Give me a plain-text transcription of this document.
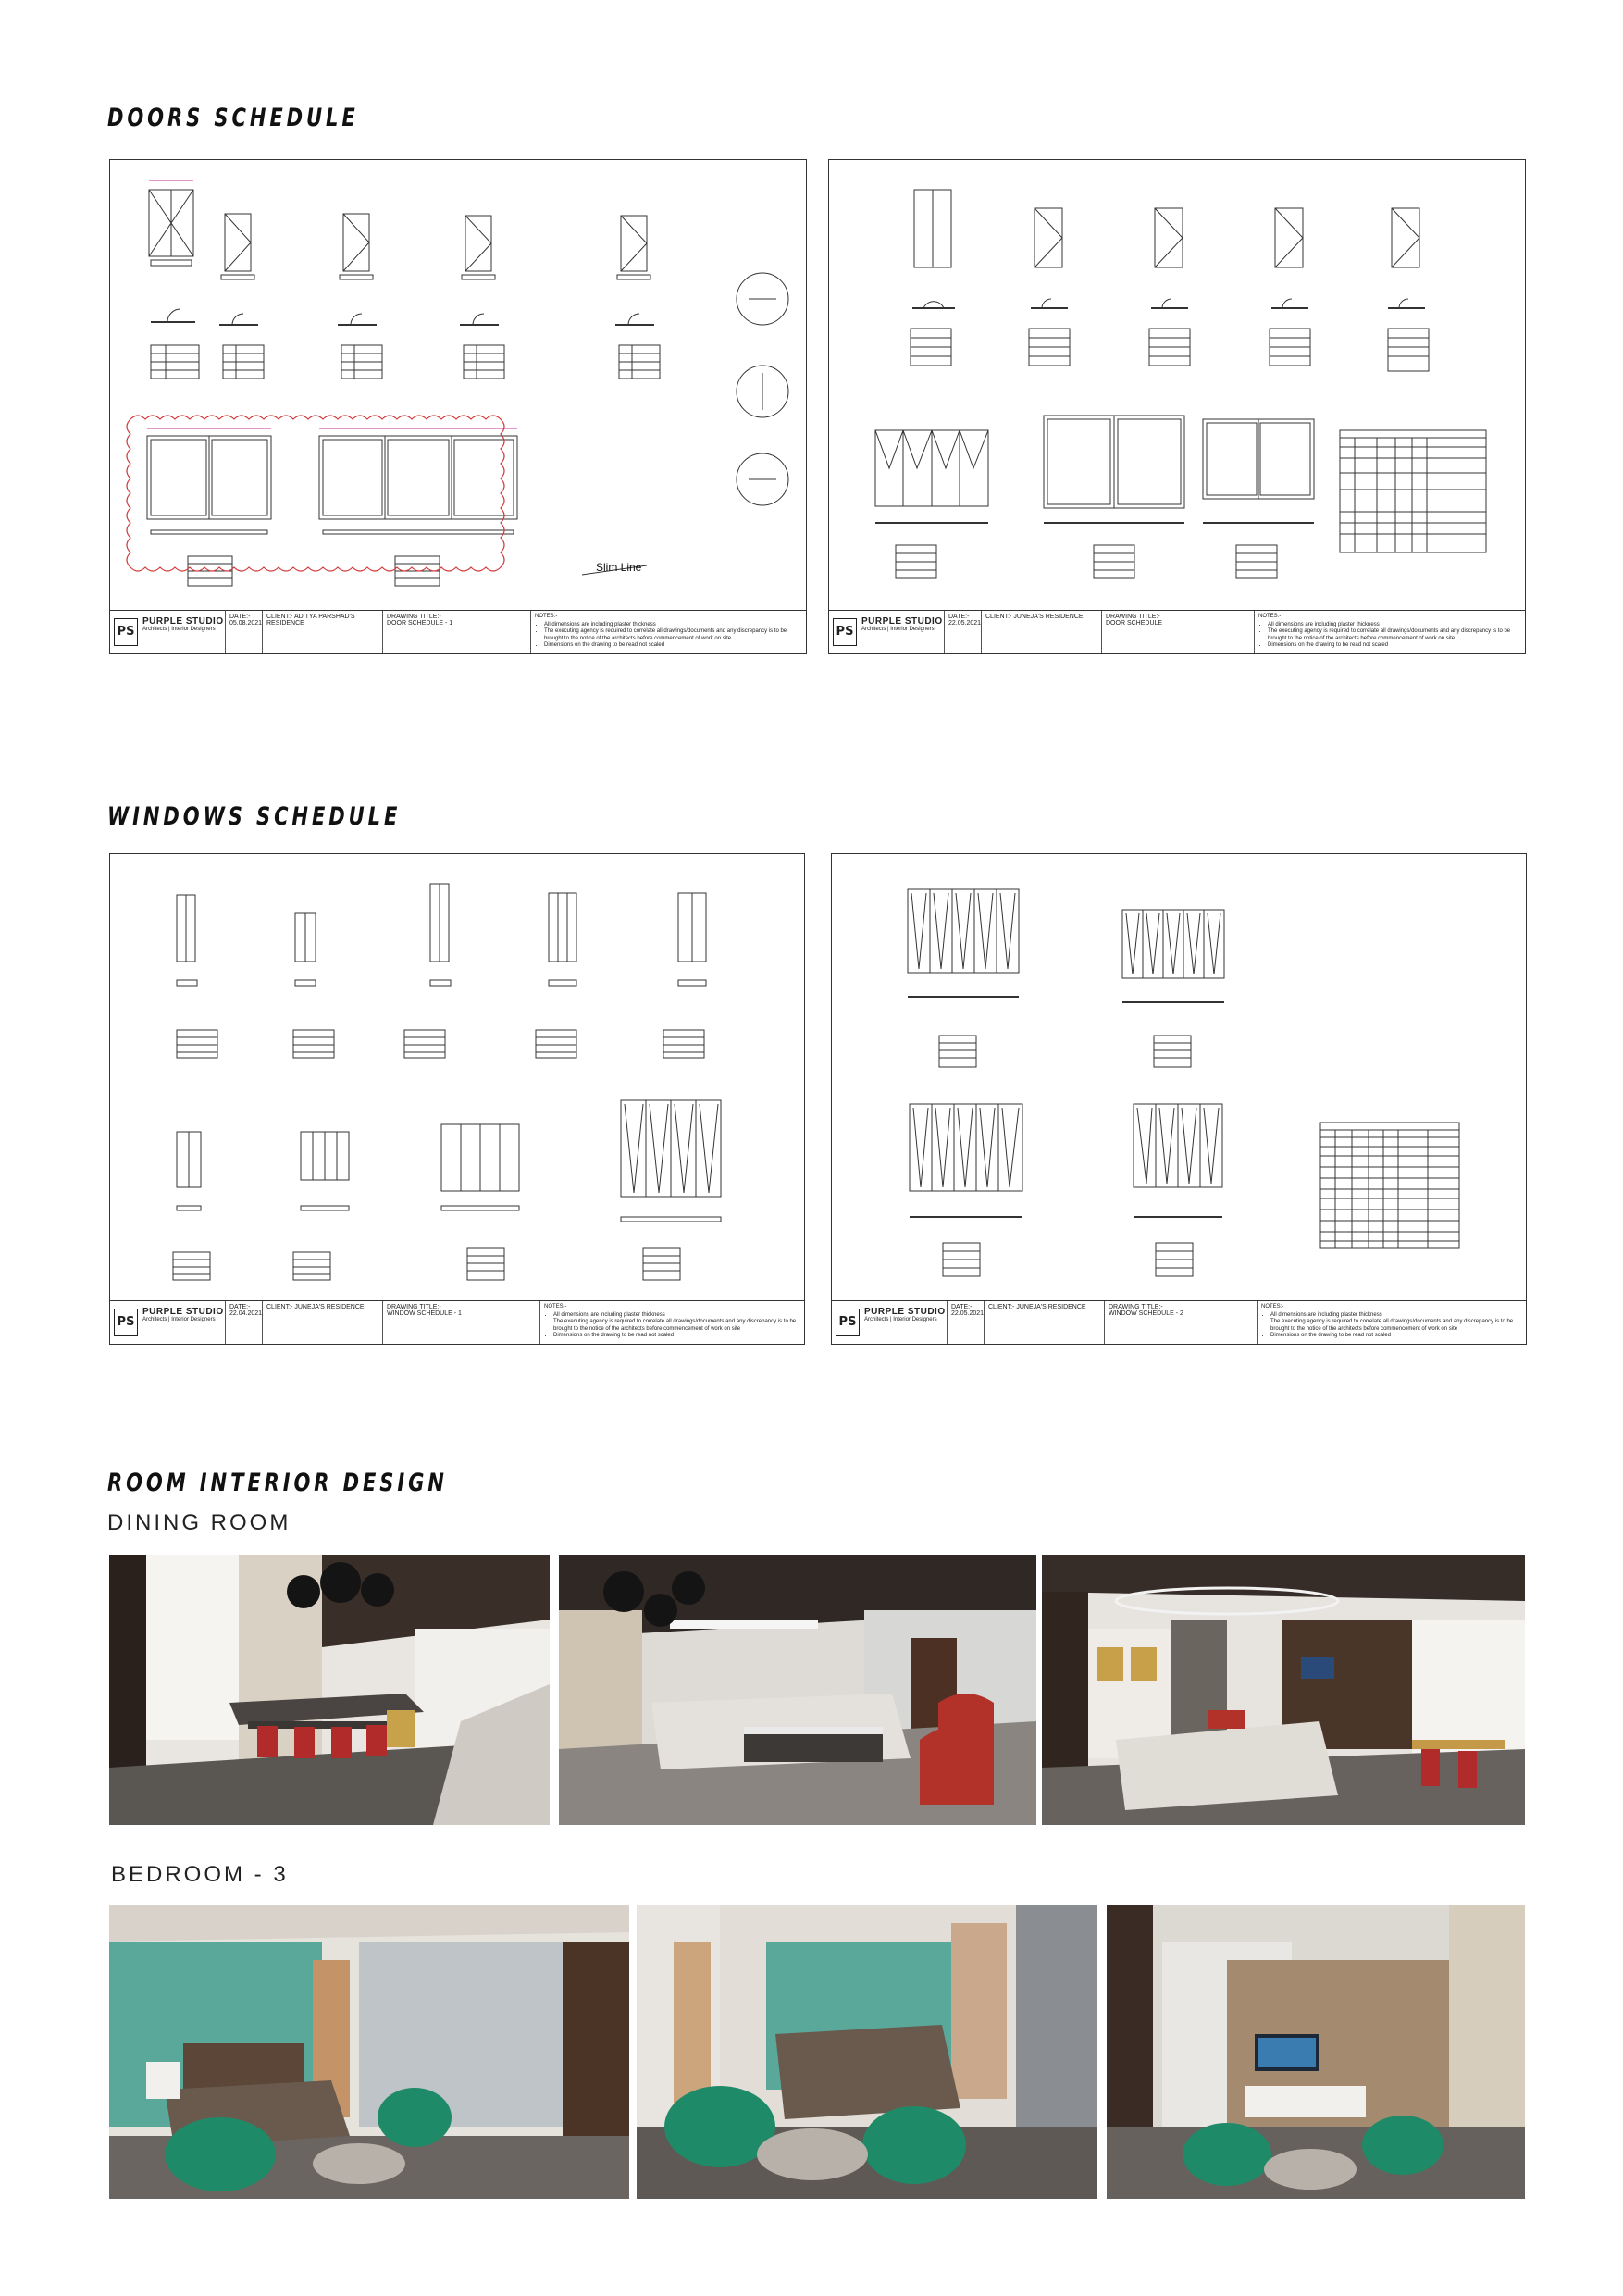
DOORS SCHEDULE
Slim Line
PS
PURPLE STUDIO
Architects | Interior Designers
DATE:-
05.08.2021
CLIENT:- ADITYA PARSHAD'S RESIDENCE
DRAWING TITLE:-
DOOR SCHEDULE - 1
NOTES:-
• All dimensions are including plaster thickness
• The executing agency is required to correlate all drawings/documents and any discrepancy is to be brought to the notice of the architects before commencement of work on site
• Dimensions on the drawing to be read not scaled
PS
PURPLE STUDIO
Architects | Interior Designers
DATE:-
22.05.2021
CLIENT:- JUNEJA'S RESIDENCE	DRAWING TITLE:-
DOOR SCHEDULE
NOTES:-
• All dimensions are including plaster thickness
• The executing agency is required to correlate all drawings/documents and any discrepancy is to be brought to the notice of the architects before commencement of work on site
• Dimensions on the drawing to be read not scaled
WINDOWS SCHEDULE
PS
PURPLE STUDIO
Architects | Interior Designers
DATE:-
22.04.2021
CLIENT:- JUNEJA'S RESIDENCE	DRAWING TITLE:-
WINDOW SCHEDULE - 1
NOTES:-
• All dimensions are including plaster thickness
• The executing agency is required to correlate all drawings/documents and any discrepancy is to be brought to the notice of the architects before commencement of work on site
• Dimensions on the drawing to be read not scaled
PS
PURPLE STUDIO
Architects | Interior Designers
DATE:-
22.05.2021
CLIENT:- JUNEJA'S RESIDENCE	DRAWING TITLE:-
WINDOW SCHEDULE - 2
NOTES:-
• All dimensions are including plaster thickness
• The executing agency is required to correlate all drawings/documents and any discrepancy is to be brought to the notice of the architects before commencement of work on site
• Dimensions on the drawing to be read not scaled
ROOM INTERIOR DESIGN
DINING ROOM
BEDROOM - 3
